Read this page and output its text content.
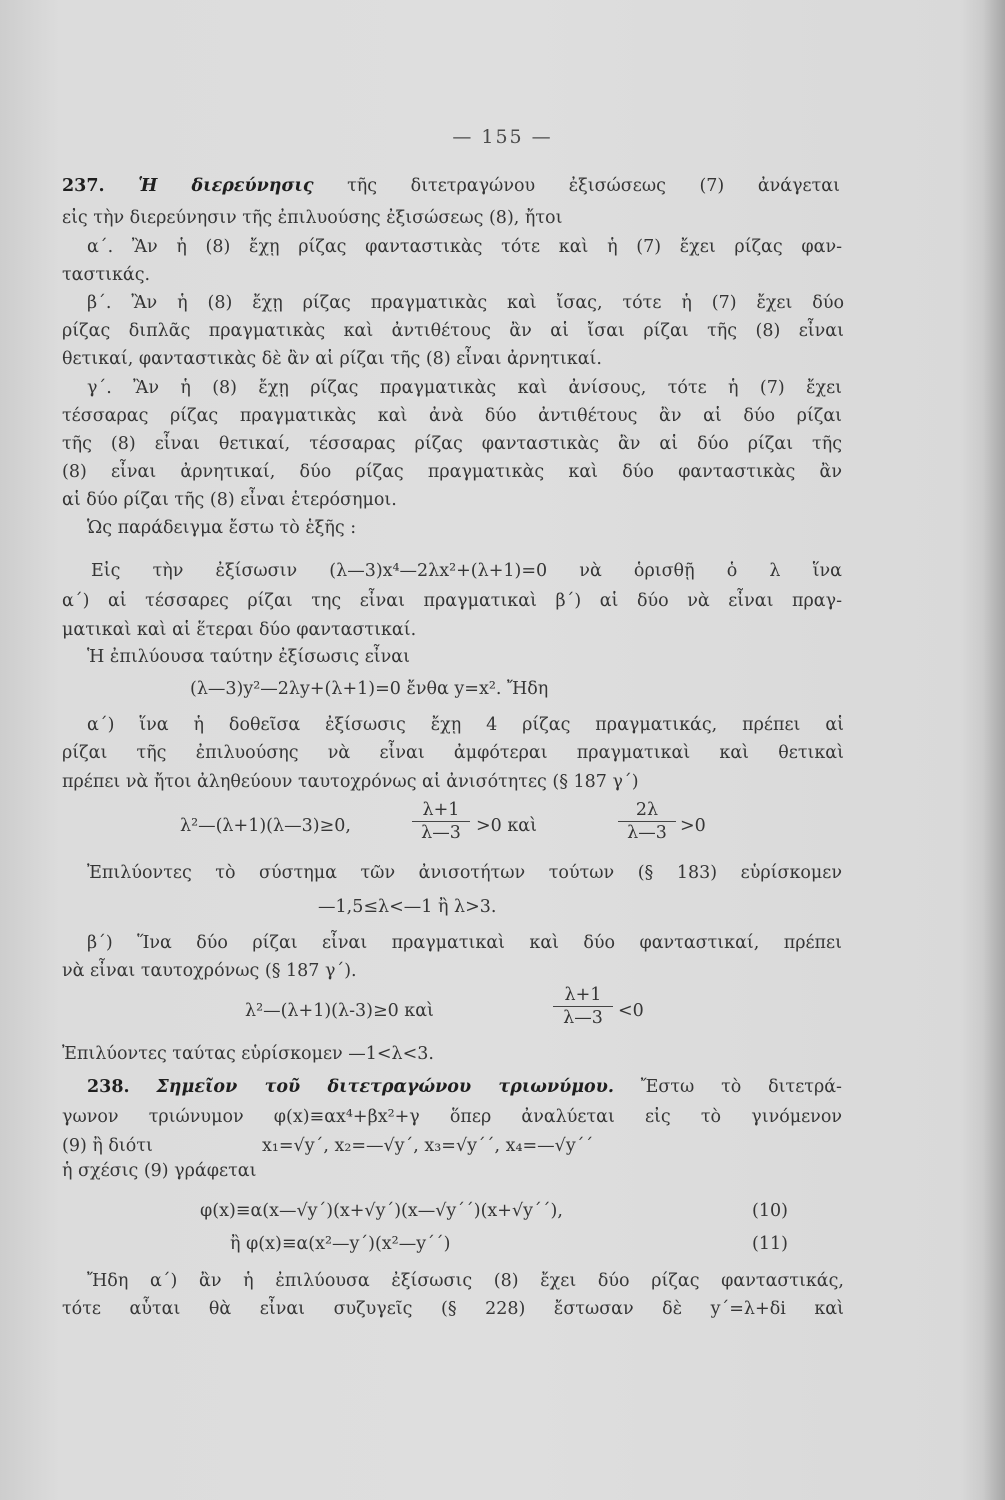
— 155 —
237. Ἡ διερεύνησις τῆς διτετραγώνου ἐξισώσεως (7) ἀνάγεται
εἰς τὴν διερεύνησιν τῆς ἐπιλυούσης ἐξισώσεως (8), ἤτοι
α΄. Ἂν ἡ (8) ἔχῃ ρίζας φανταστικὰς τότε καὶ ἡ (7) ἔχει ρίζας φαν-
ταστικάς.
β΄. Ἂν ἡ (8) ἔχῃ ρίζας πραγματικὰς καὶ ἴσας, τότε ἡ (7) ἔχει δύο
ρίζας διπλᾶς πραγματικὰς καὶ ἀντιθέτους ἂν αἱ ἴσαι ρίζαι τῆς (8) εἶναι
θετικαί, φανταστικὰς δὲ ἂν αἱ ρίζαι τῆς (8) εἶναι ἀρνητικαί.
γ΄. Ἂν ἡ (8) ἔχῃ ρίζας πραγματικὰς καὶ ἀνίσους, τότε ἡ (7) ἔχει
τέσσαρας ρίζας πραγματικὰς καὶ ἀνὰ δύο ἀντιθέτους ἂν αἱ δύο ρίζαι
τῆς (8) εἶναι θετικαί, τέσσαρας ρίζας φανταστικὰς ἂν αἱ δύο ρίζαι τῆς
(8) εἶναι ἀρνητικαί, δύο ρίζας πραγματικὰς καὶ δύο φανταστικὰς ἂν
αἱ δύο ρίζαι τῆς (8) εἶναι ἑτερόσημοι.
Ὡς παράδειγμα ἔστω τὸ ἑξῆς :
Εἰς τὴν ἐξίσωσιν (λ—3)x⁴—2λx²+(λ+1)=0 νὰ ὁρισθῇ ὁ λ ἵνα
α΄) αἱ τέσσαρες ρίζαι της εἶναι πραγματικαὶ β΄) αἱ δύο νὰ εἶναι πραγ-
ματικαὶ καὶ αἱ ἕτεραι δύο φανταστικαί.
Ἡ ἐπιλύουσα ταύτην ἐξίσωσις εἶναι
(λ—3)y²—2λy+(λ+1)=0 ἔνθα y=x². Ἤδη
α΄) ἵνα ἡ δοθεῖσα ἐξίσωσις ἔχῃ 4 ρίζας πραγματικάς, πρέπει αἱ
ρίζαι τῆς ἐπιλυούσης νὰ εἶναι ἀμφότεραι πραγματικαὶ καὶ θετικαὶ
πρέπει νὰ ἤτοι ἀληθεύουν ταυτοχρόνως αἱ ἀνισότητες (§ 187 γ΄)
λ²—(λ+1)(λ—3)≥0,
λ+1
λ—3 >0 καὶ
2λ
λ—3 >0
Ἐπιλύοντες τὸ σύστημα τῶν ἀνισοτήτων τούτων (§ 183) εὑρίσκομεν
—1,5≤λ<—1 ἢ λ>3.
β΄) Ἵνα δύο ρίζαι εἶναι πραγματικαὶ καὶ δύο φανταστικαί, πρέπει
νὰ εἶναι ταυτοχρόνως (§ 187 γ΄).
λ²—(λ+1)(λ-3)≥0 καὶ
λ+1
λ—3 <0
Ἐπιλύοντες ταύτας εὑρίσκομεν —1<λ<3.
238. Σημεῖον τοῦ διτετραγώνου τριωνύμου. Ἔστω τὸ διτετρά-
γωνον τριώνυμον φ(x)≡αx⁴+βx²+γ ὅπερ ἀναλύεται εἰς τὸ γινόμενον
(9) ἢ διότι	x₁=√y΄, x₂=—√y΄, x₃=√y΄΄, x₄=—√y΄΄
ἡ σχέσις (9) γράφεται
φ(x)≡α(x—√y΄)(x+√y΄)(x—√y΄΄)(x+√y΄΄),	(10)
ἢ φ(x)≡α(x²—y΄)(x²—y΄΄)	(11)
Ἤδη α΄) ἂν ἡ ἐπιλύουσα ἐξίσωσις (8) ἔχει δύο ρίζας φανταστικάς,
τότε αὗται θὰ εἶναι συζυγεῖς (§ 228) ἔστωσαν δὲ y΄=λ+δi καὶ
